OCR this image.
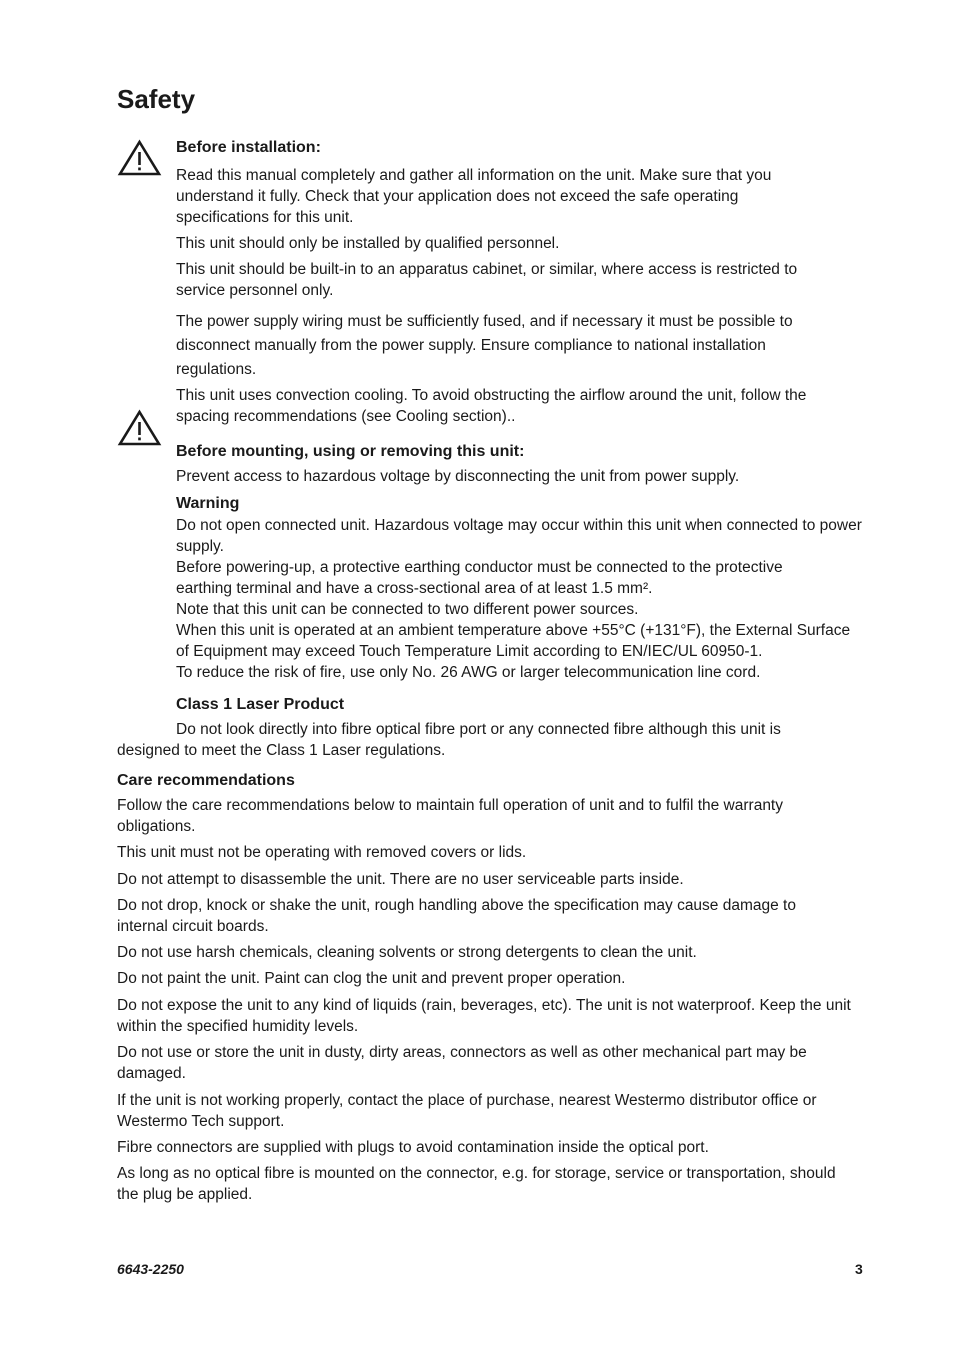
Safety

Before installation:

Read this manual completely and gather all information on the unit. Make sure that you understand it fully. Check that your application does not exceed the safe operating specifications for this unit.

This unit should only be installed by qualified personnel.

This unit should be built-in to an apparatus cabinet, or similar, where access is restricted to service personnel only.

The power supply wiring must be sufficiently fused, and if necessary it must be possible to disconnect manually from the power supply. Ensure compliance to national installation regulations.

This unit uses convection cooling. To avoid obstructing the airflow around the unit, follow the spacing recommendations (see Cooling section)..

Before mounting, using or removing this unit:

Prevent access to hazardous voltage by disconnecting the unit from power supply.

Warning

Do not open connected unit. Hazardous voltage may occur within this unit when connected to power supply.

Before powering-up, a protective earthing conductor must be connected to the protective earthing terminal and have a cross-sectional area of at least 1.5 mm².

Note that this unit can be connected to two different power sources.

When this unit is operated at an ambient temperature above +55°C (+131°F), the External Surface of Equipment may exceed Touch Temperature Limit according to EN/IEC/UL 60950-1.

To reduce the risk of fire, use only No. 26 AWG or larger telecommunication line cord.

Class 1 Laser Product

Do not look directly into fibre optical fibre port or any connected fibre although this unit is

designed to meet the Class 1 Laser regulations.

Care recommendations

Follow the care recommendations below to maintain full operation of unit and to fulfil the warranty obligations.

This unit must not be operating with removed covers or lids.

Do not attempt to disassemble the unit. There are no user serviceable parts inside.

Do not drop, knock or shake the unit, rough handling above the specification may cause damage to internal circuit boards.

Do not use harsh chemicals, cleaning solvents or strong detergents to clean the unit.

Do not paint the unit. Paint can clog the unit and prevent proper operation.

Do not expose the unit to any kind of liquids (rain, beverages, etc). The unit is not waterproof. Keep the unit within the specified humidity levels.

Do not use or store the unit in dusty, dirty areas, connectors as well as other mechanical part may be damaged.

If the unit is not working properly, contact the place of purchase, nearest Westermo distributor office or Westermo Tech support.

Fibre connectors are supplied with plugs to avoid contamination inside the optical port.

As long as no optical fibre is mounted on the connector, e.g. for storage, service or transportation, should the plug be applied.

6643-2250	3
